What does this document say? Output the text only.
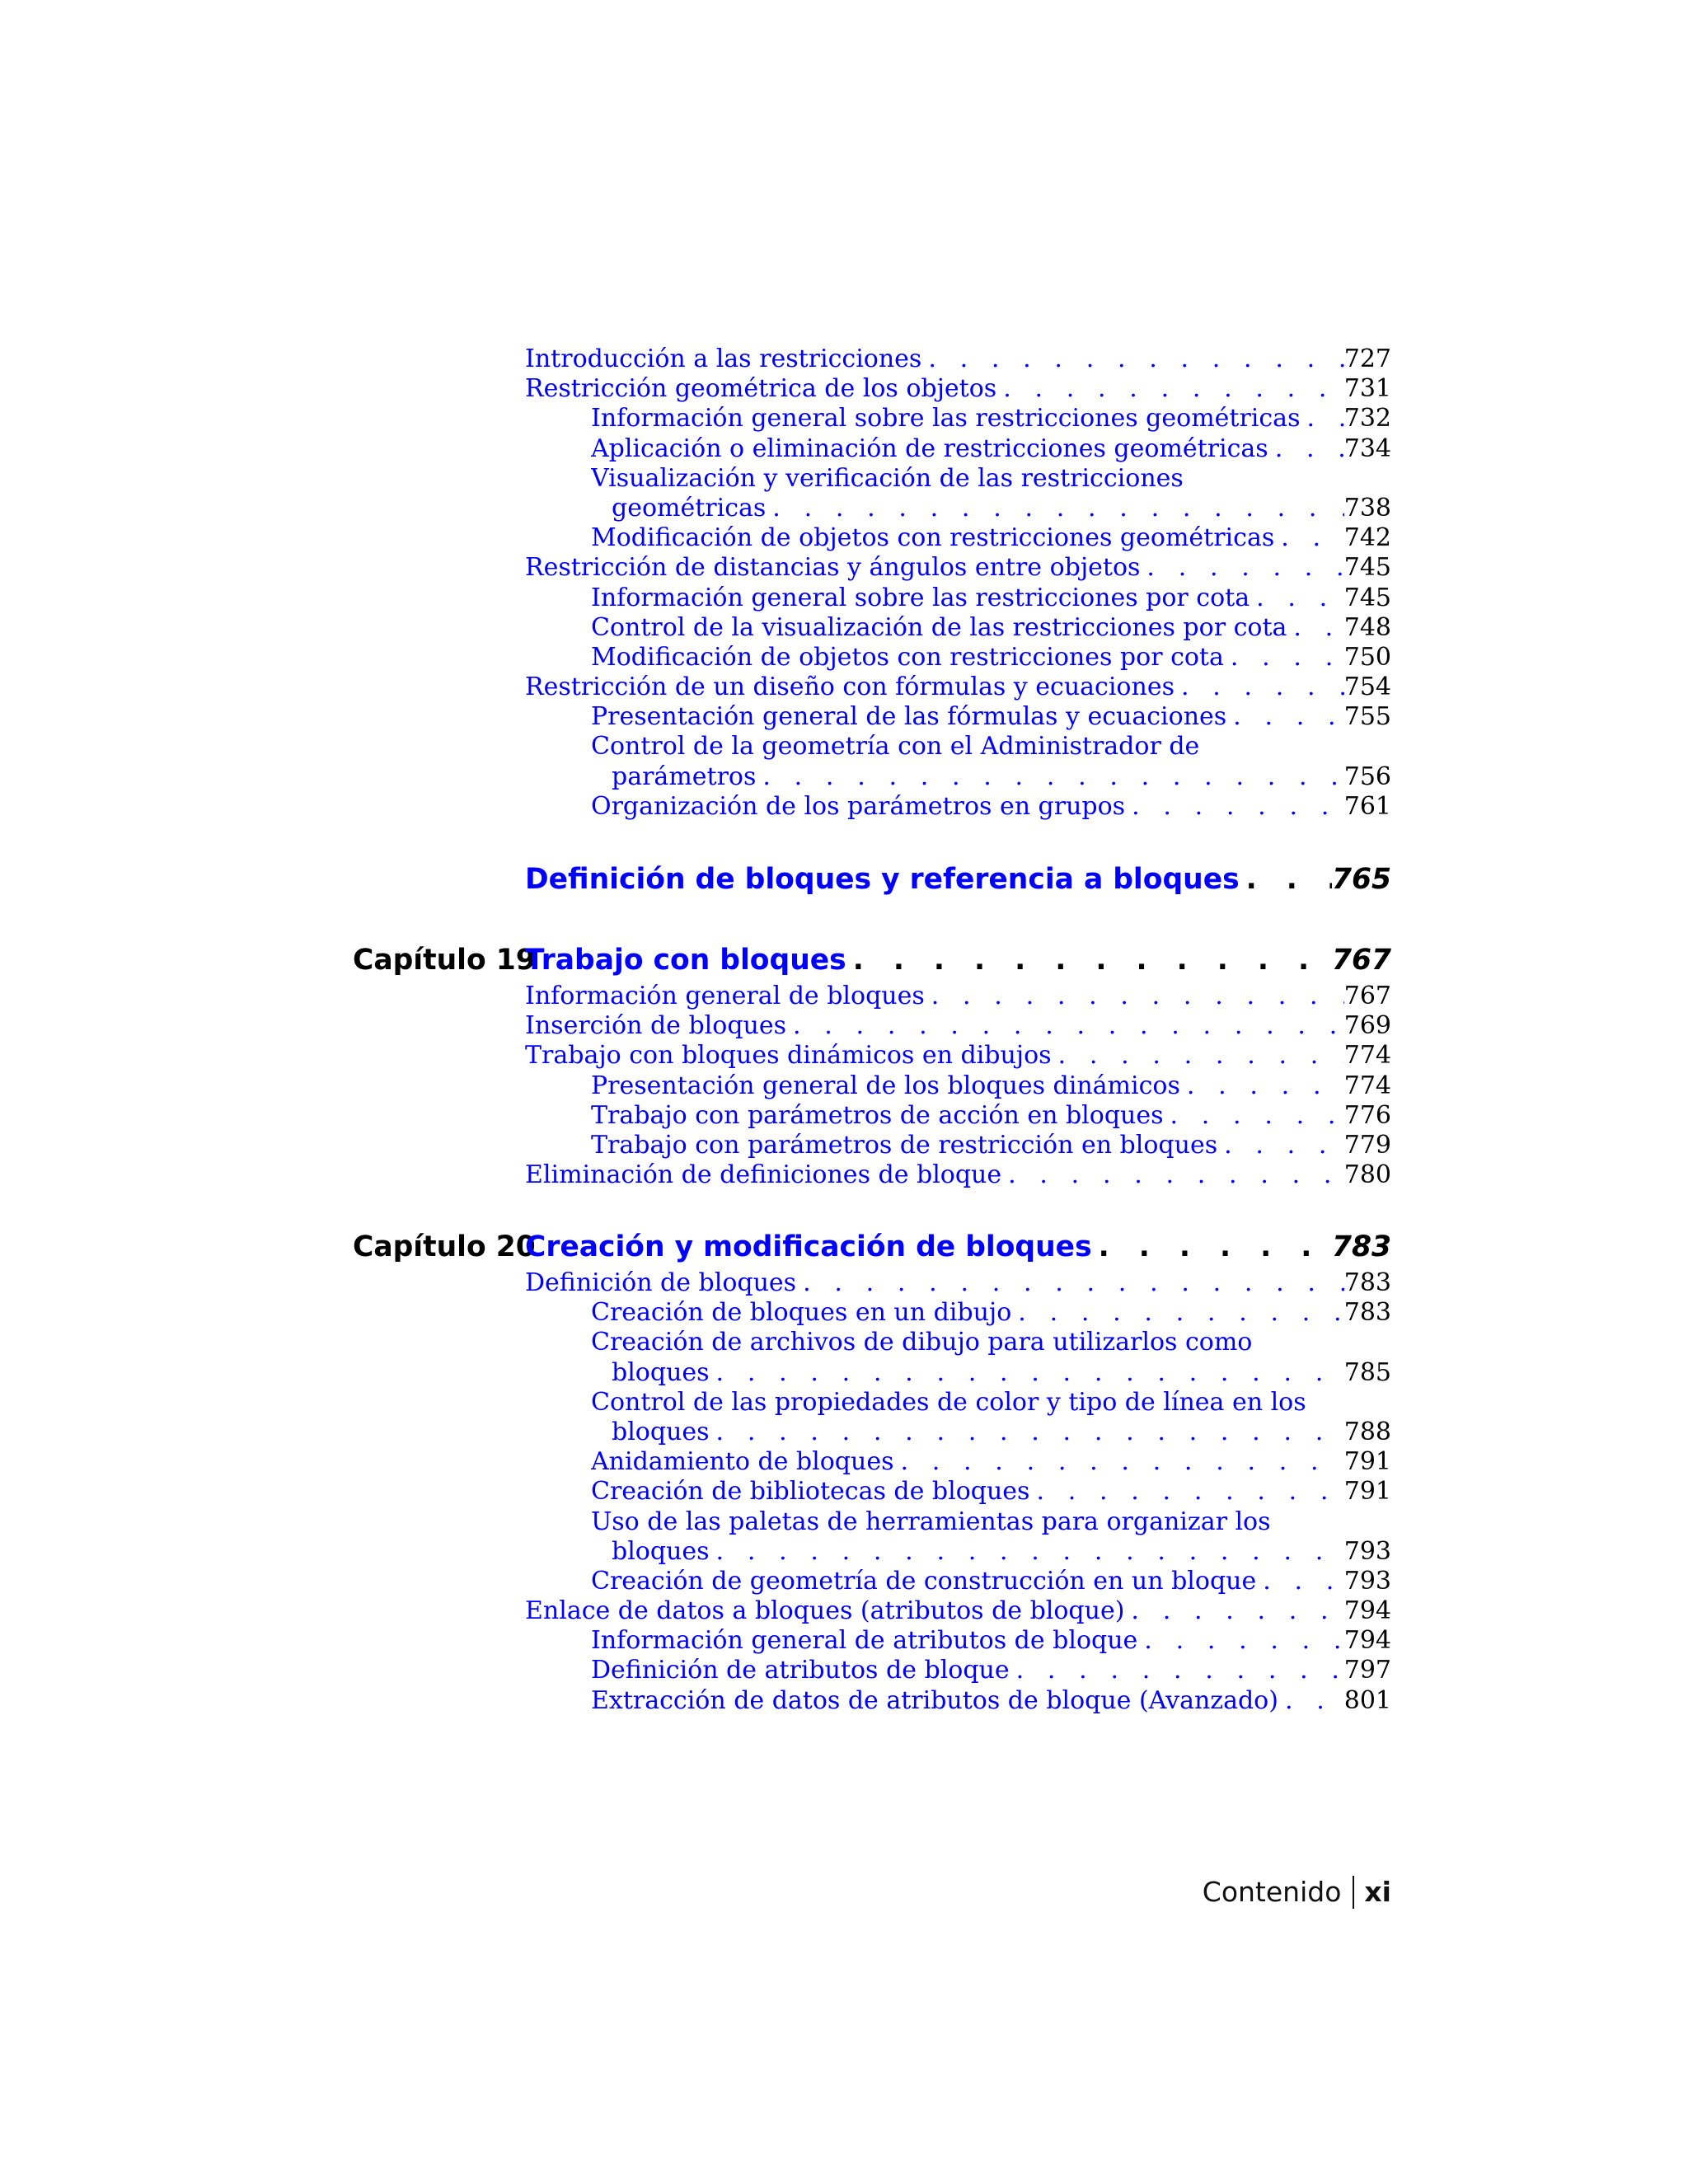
Introducción a las restricciones . . .	727
Restricción geométrica de los objetos . . .	731
Información general sobre las restricciones geométricas . . . 732
Aplicación o eliminación de restricciones geométricas . . .	734
Visualización y verificación de las restricciones
geométricas . . .	738
Modificación de objetos con restricciones geométricas . . .	742
Restricción de distancias y ángulos entre objetos . . .	745
Información general sobre las restricciones por cota . . .	745
Control de la visualización de las restricciones por cota . . . 748
Modificación de objetos con restricciones por cota . . .	750
Restricción de un diseño con fórmulas y ecuaciones . . .	754
Presentación general de las fórmulas y ecuaciones . . .	755
Control de la geometría con el Administrador de
parámetros . . .	756
Organización de los parámetros en grupos . . .	761
Definición de bloques y referencia a bloques . . .	765
Capítulo 19
Trabajo con bloques . . .	767
Información general de bloques . . .	767
Inserción de bloques . . .	769
Trabajo con bloques dinámicos en dibujos . . .	774
Presentación general de los bloques dinámicos . . .	774
Trabajo con parámetros de acción en bloques . . .	776
Trabajo con parámetros de restricción en bloques . . .	779
Eliminación de definiciones de bloque . . .	780
Capítulo 20
Creación y modificación de bloques . . .	783
Definición de bloques . . .	783
Creación de bloques en un dibujo . . .	783
Creación de archivos de dibujo para utilizarlos como
bloques . . .	785
Control de las propiedades de color y tipo de línea en los
bloques . . .	788
Anidamiento de bloques . . .	791
Creación de bibliotecas de bloques . . .	791
Uso de las paletas de herramientas para organizar los
bloques . . .	793
Creación de geometría de construcción en un bloque . . .	793
Enlace de datos a bloques (atributos de bloque) . . .	794
Información general de atributos de bloque . . .	794
Definición de atributos de bloque . . .	797
Extracción de datos de atributos de bloque (Avanzado) . . .	801
Contenido xi
